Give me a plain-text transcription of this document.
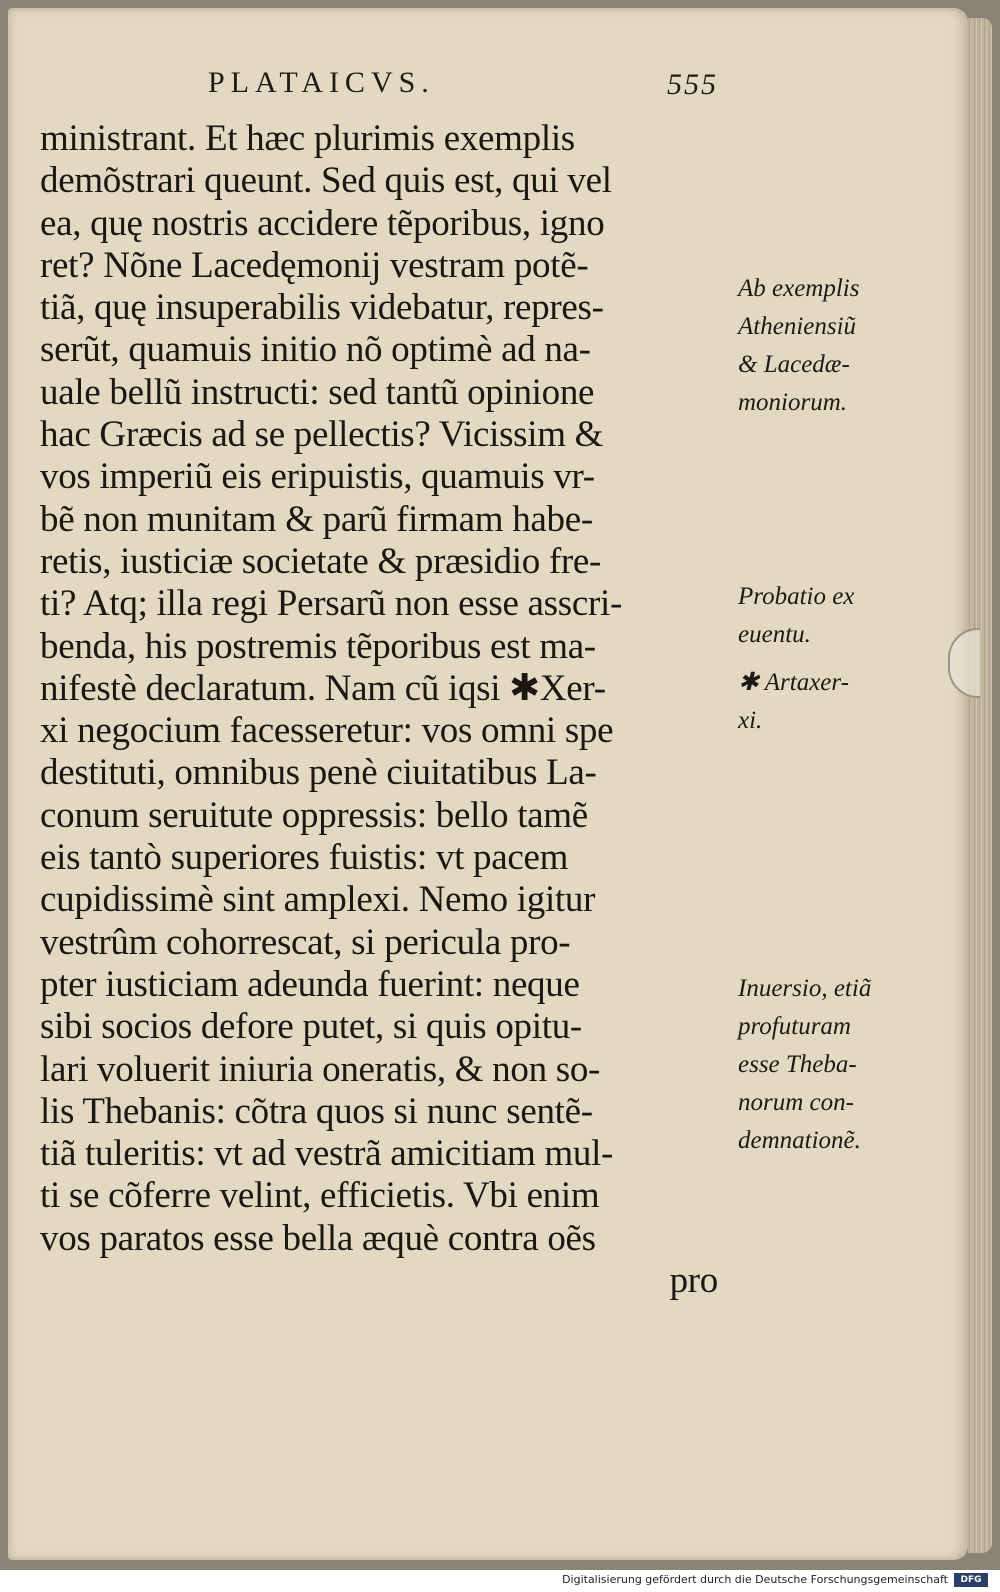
PLATAICVS.	555
ministrant. Et hæc plurimis exemplis
demõstrari queunt. Sed quis est, qui vel
ea, quę nostris accidere tẽporibus, igno
ret? Nõne Lacedęmonij vestram potẽ-
tiã, quę insuperabilis videbatur, repres-
serũt, quamuis initio nõ optimè ad na-
uale bellũ instructi: sed tantũ opinione
hac Græcis ad se pellectis? Vicissim &
vos imperiũ eis eripuistis, quamuis vr-
bẽ non munitam & parũ firmam habe-
retis, iusticiæ societate & præsidio fre-
ti? Atq; illa regi Persarũ non esse asscri-
benda, his postremis tẽporibus est ma-
nifestè declaratum. Nam cũ iqsi ✱Xer-
xi negocium facesseretur: vos omni spe
destituti, omnibus penè ciuitatibus La-
conum seruitute oppressis: bello tamẽ
eis tantò superiores fuistis: vt pacem
cupidissimè sint amplexi. Nemo igitur
vestrûm cohorrescat, si pericula pro-
pter iusticiam adeunda fuerint: neque
sibi socios defore putet, si quis opitu-
lari voluerit iniuria oneratis, & non so-
lis Thebanis: cõtra quos si nunc sentẽ-
tiã tuleritis: vt ad vestrã amicitiam mul-
ti se cõferre velint, efficietis. Vbi enim
vos paratos esse bella æquè contra oẽs
pro
Ab exemplis
Atheniensiũ
& Lacedæ-
moniorum.
Probatio ex
euentu.
✱ Artaxer-
xi.
Inuersio, etiã
profuturam
esse Theba-
norum con-
demnationẽ.
Digitalisierung gefördert durch die Deutsche Forschungsgemeinschaft	DFG
